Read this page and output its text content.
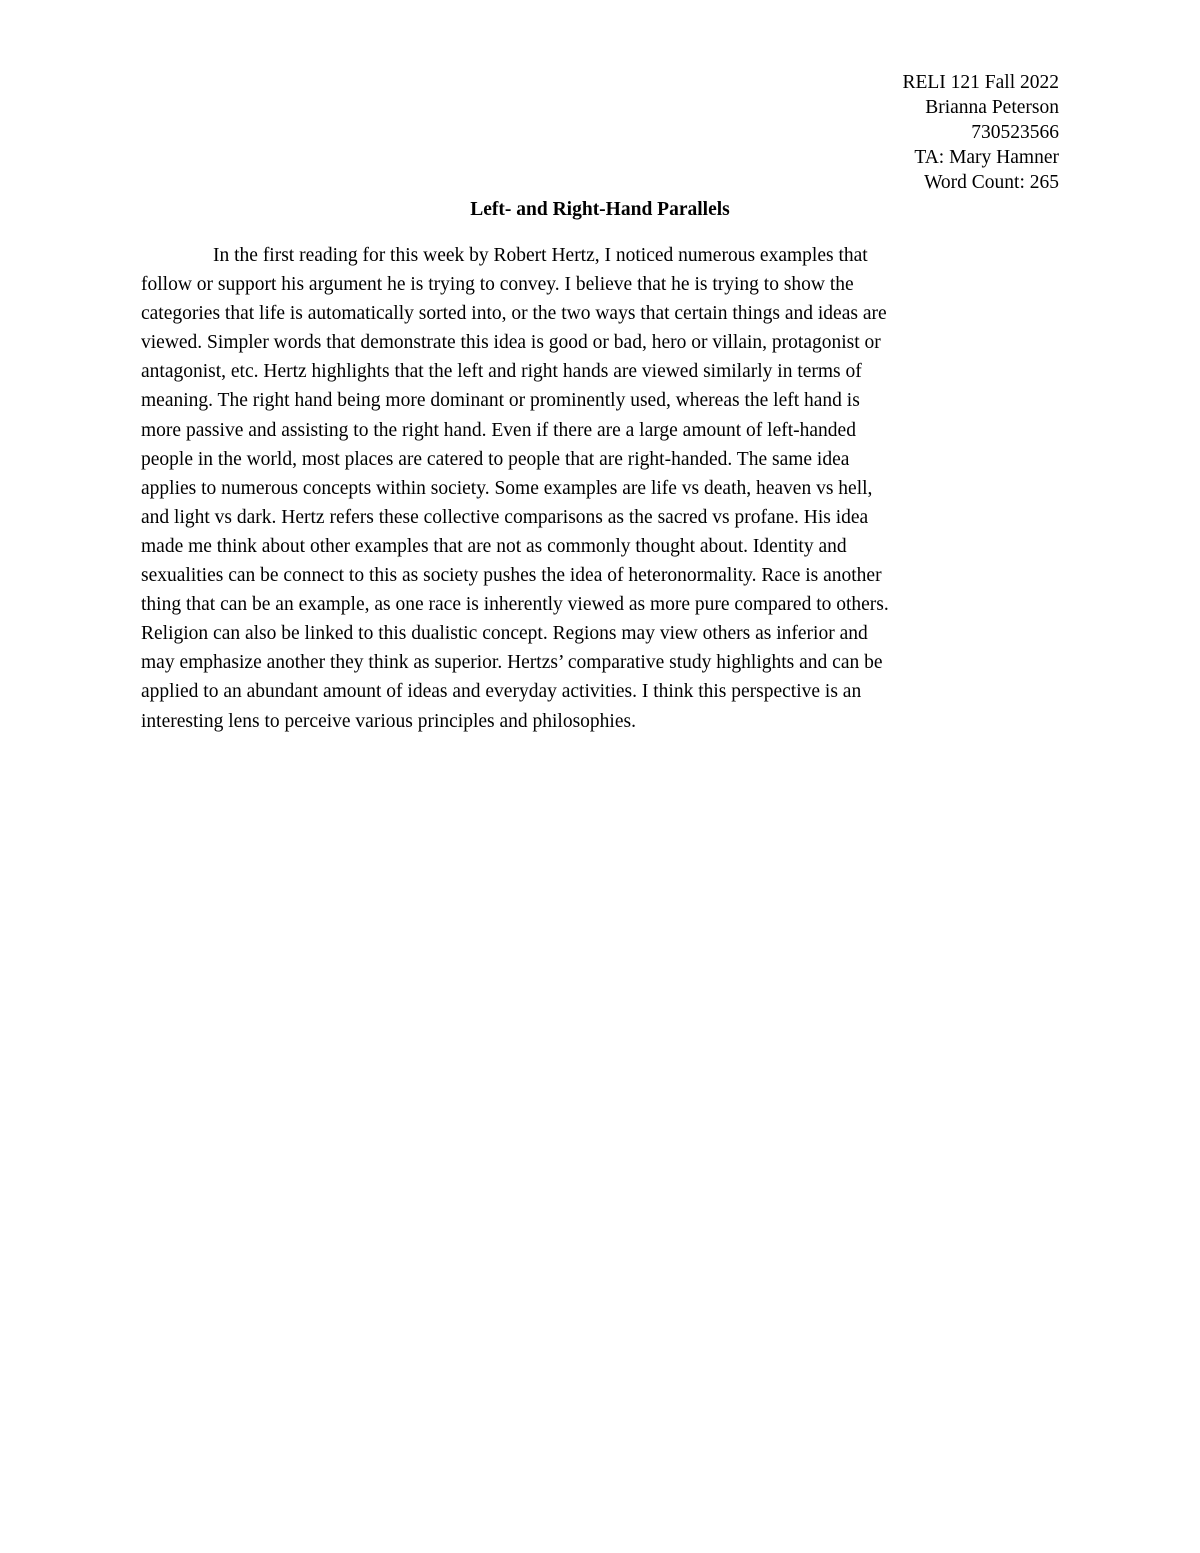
RELI 121 Fall 2022
Brianna Peterson
730523566
TA: Mary Hamner
Word Count: 265
Left- and Right-Hand Parallels
In the first reading for this week by Robert Hertz, I noticed numerous examples that
follow or support his argument he is trying to convey. I believe that he is trying to show the
categories that life is automatically sorted into, or the two ways that certain things and ideas are
viewed. Simpler words that demonstrate this idea is good or bad, hero or villain, protagonist or
antagonist, etc. Hertz highlights that the left and right hands are viewed similarly in terms of
meaning. The right hand being more dominant or prominently used, whereas the left hand is
more passive and assisting to the right hand. Even if there are a large amount of left-handed
people in the world, most places are catered to people that are right-handed. The same idea
applies to numerous concepts within society. Some examples are life vs death, heaven vs hell,
and light vs dark. Hertz refers these collective comparisons as the sacred vs profane. His idea
made me think about other examples that are not as commonly thought about. Identity and
sexualities can be connect to this as society pushes the idea of heteronormality. Race is another
thing that can be an example, as one race is inherently viewed as more pure compared to others.
Religion can also be linked to this dualistic concept. Regions may view others as inferior and
may emphasize another they think as superior. Hertzs’ comparative study highlights and can be
applied to an abundant amount of ideas and everyday activities. I think this perspective is an
interesting lens to perceive various principles and philosophies.
